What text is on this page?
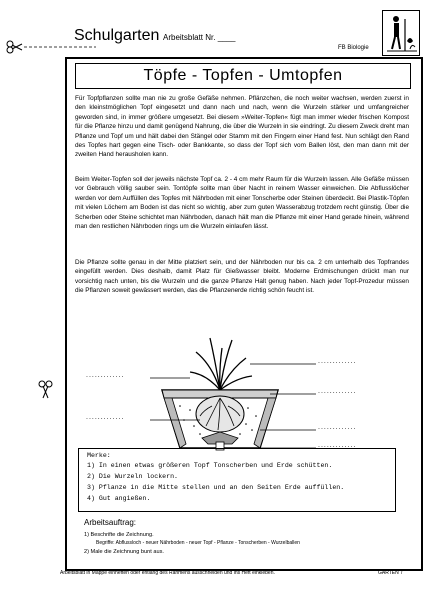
Schulgarten Arbeitsblatt Nr. ____
FB Biologie
Töpfe - Topfen - Umtopfen
Für Topfpflanzen sollte man nie zu große Gefäße nehmen. Pflänzchen, die noch weiter wachsen, werden zuerst in den kleinstmöglichen Topf eingesetzt und dann nach und nach, wenn die Wurzeln stärker und umfangreicher geworden sind, in immer größere umgesetzt. Bei diesem »Weiter-Topfen« fügt man immer wieder frischen Kompost für die Pflanze hinzu und damit genügend Nahrung, die über die Wurzeln in sie eindringt. Zu diesem Zweck dreht man Pflanze und Topf um und hält dabei den Stängel oder Stamm mit den Fingern einer Hand fest. Nun schlägt den Rand des Topfes hart gegen eine Tisch- oder Bankkante, so dass der Topf sich vom Ballen löst, den man dann mit der zweiten Hand herausholen kann.
Beim Weiter-Topfen soll der jeweils nächste Topf ca. 2 - 4 cm mehr Raum für die Wurzeln lassen. Alle Gefäße müssen vor Gebrauch völlig sauber sein. Tontöpfe sollte man über Nacht in reinem Wasser einweichen. Die Abflusslöcher werden vor dem Auffüllen des Topfes mit Nährboden mit einer Tonscherbe oder Steinen überdeckt. Bei Plastik-Töpfen mit vielen Löchern am Boden ist das nicht so wichtig, aber zum guten Wasserabzug trotzdem recht günstig. Über die Scherben oder Steine schichtet man Nährboden, danach hält man die Pflanze mit einer Hand gerade hinein, während man den restlichen Nährboden rings um die Wurzeln einlaufen lässt.
Die Pflanze sollte genau in der Mitte platziert sein, und der Nährboden nur bis ca. 2 cm unterhalb des Topfrandes eingefüllt werden. Dies deshalb, damit Platz für Gießwasser bleibt. Moderne Erdmischungen drückt man nur vorsichtig nach unten, bis die Wurzeln und die ganze Pflanze Halt genug haben. Nach jeder Topf-Prozedur müssen die Pflanzen soweit gewässert werden, das die Pflanzenerde richtig schön feucht ist.
.............
.............
.............
.............
.............
.............
Merke:
1) In einen etwas größeren Topf Tonscherben und Erde schütten.
2) Die Wurzeln lockern.
3) Pflanze in die Mitte stellen und an den Seiten Erde auffüllen.
4) Gut angießen.
Arbeitsauftrag:
1) Beschrifte die Zeichnung.
Begriffe: Abflussloch - neuer Nährboden - neuer Topf - Pflanze - Tonscherben - Wurzelballen
2) Male die Zeichnung bunt aus.
Arbeitsblatt in Mappe einheften oder entlang des Rahmens ausschneiden und ins Heft einkleben.	GARTEN 7
